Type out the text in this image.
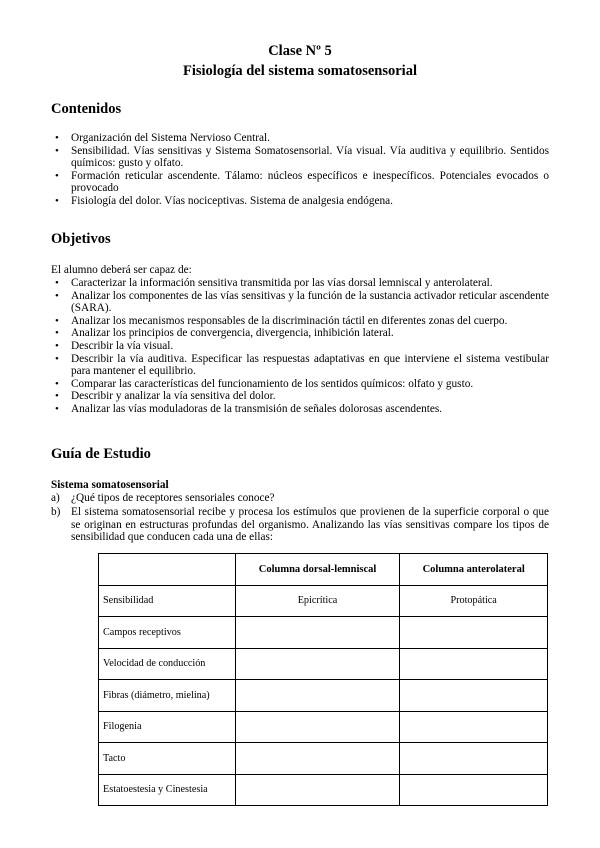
Clase Nº 5
Fisiología del sistema somatosensorial
Contenidos
• Organización del Sistema Nervioso Central.
• Sensibilidad. Vías sensitivas y Sistema Somatosensorial. Vía visual. Vía auditiva y equilibrio. Sentidos químicos: gusto y olfato.
• Formación reticular ascendente. Tálamo: núcleos específicos e inespecíficos. Potenciales evocados o provocado
• Fisiología del dolor. Vías nociceptivas. Sistema de analgesia endógena.
Objetivos
El alumno deberá ser capaz de:
• Caracterizar la información sensitiva transmitida por las vías dorsal lemniscal y anterolateral.
• Analizar los componentes de las vías sensitivas y la función de la sustancia activador reticular ascendente (SARA).
• Analizar los mecanismos responsables de la discriminación táctil en diferentes zonas del cuerpo.
• Analizar los principios de convergencia, divergencia, inhibición lateral.
• Describir la vía visual.
• Describir la vía auditiva. Especificar las respuestas adaptativas en que interviene el sistema vestibular para mantener el equilibrio.
• Comparar las características del funcionamiento de los sentidos químicos: olfato y gusto.
• Describir y analizar la vía sensitiva del dolor.
• Analizar las vías moduladoras de la transmisión de señales dolorosas ascendentes.
Guía de Estudio
Sistema somatosensorial
a) ¿Qué tipos de receptores sensoriales conoce?
b) El sistema somatosensorial recibe y procesa los estímulos que provienen de la superficie corporal o que se originan en estructuras profundas del organismo. Analizando las vías sensitivas compare los tipos de sensibilidad que conducen cada una de ellas:
	Columna dorsal-lemniscal	Columna anterolateral
Sensibilidad	Epicrítica	Protopática
Campos receptivos		
Velocidad de conducción		
Fibras (diámetro, mielina)		
Filogenia		
Tacto		
Estatoestesia y Cinestesia		
